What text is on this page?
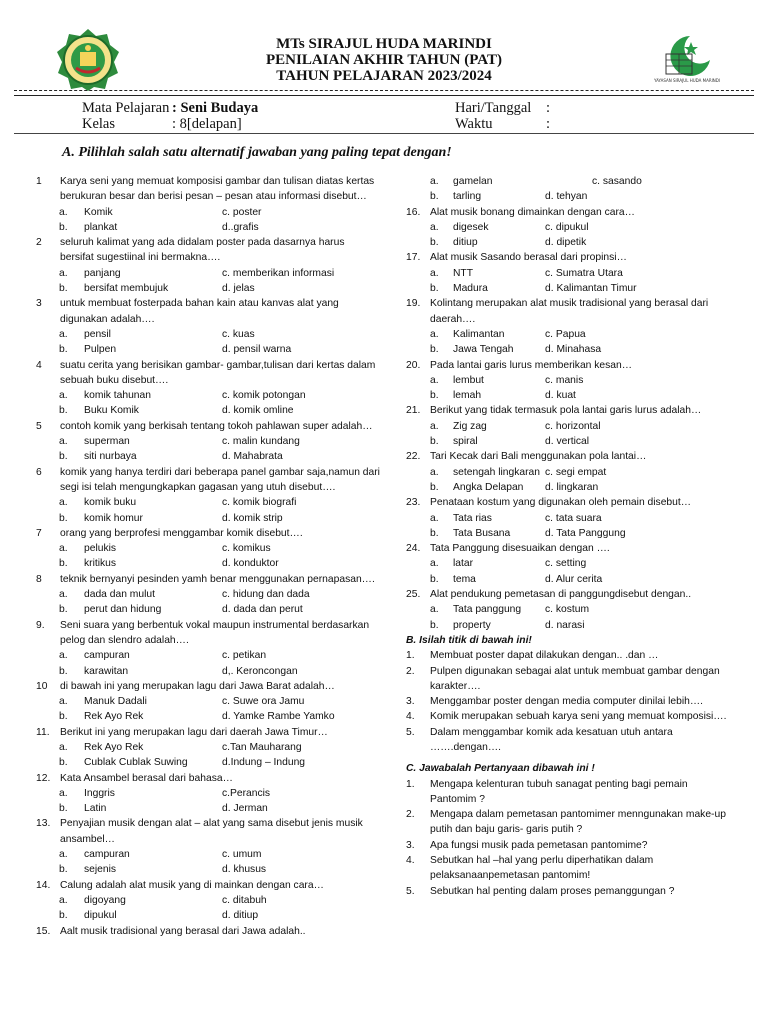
MTs SIRAJUL HUDA MARINDI
PENILAIAN AKHIR TAHUN (PAT)
TAHUN PELAJARAN 2023/2024	YAYASAN SIRAJUL HUDA MARINDI
Mata Pelajaran : Seni Budaya	Hari/Tanggal :
Kelas	: 8[delapan]	Waktu	:
A. Pilihlah salah satu alternatif jawaban yang paling tepat dengan!
1	Karya seni yang memuat komposisi gambar dan tulisan diatas kertas berukuran besar dan berisi pesan – pesan atau informasi disebut…
a. Komik	c. poster
b. plankat	d..grafis
2	seluruh kalimat yang ada didalam poster pada dasarnya harus bersifat sugestiinal ini bermakna….
a. panjang	c. memberikan informasi
b. bersifat membujuk	d. jelas
3	untuk membuat fosterpada bahan kain atau kanvas alat yang digunakan adalah….
a. pensil	c. kuas
b. Pulpen	d. pensil warna
4	suatu cerita yang berisikan gambar- gambar,tulisan dari kertas dalam sebuah buku disebut….
a. komik tahunan	c. komik potongan
b. Buku Komik	d. komik omline
5	contoh komik yang berkisah tentang tokoh pahlawan super adalah…
a. superman	c. malin kundang
b. siti nurbaya	d. Mahabrata
6	komik yang hanya terdiri dari beberapa panel gambar saja,namun dari segi isi telah mengungkapkan gagasan yang utuh disebut….
a. komik buku	c. komik biografi
b. komik homur	d. komik strip
7	orang yang berprofesi menggambar komik disebut….
a. pelukis	c. komikus
b. kritikus	d. konduktor
8	teknik bernyanyi pesinden yamh benar menggunakan pernapasan….
a. dada dan mulut	c. hidung dan dada
b. perut dan hidung	d. dada dan perut
9.	Seni suara yang berbentuk vokal maupun instrumental berdasarkan pelog dan slendro adalah….
a. campuran	c. petikan
b. karawitan	d,. Keroncongan
10	di bawah ini yang merupakan lagu dari Jawa Barat adalah…
a. Manuk Dadali	c. Suwe ora Jamu
b. Rek Ayo Rek	d. Yamke Rambe Yamko
11.	Berikut ini yang merupakan lagu dari daerah Jawa Timur…
a. Rek Ayo Rek	c.Tan Mauharang
b. Cublak Cublak Suwing	d.Indung – Indung
12. Kata Ansambel berasal dari bahasa…
a. Inggris	c.Perancis
b. Latin	d. Jerman
13. Penyajian musik dengan alat – alat yang sama disebut jenis musik ansambel…
a. campuran	c. umum
b. sejenis	d. khusus
14. Calung adalah alat musik yang di mainkan dengan cara…
a. digoyang	c. ditabuh
b. dipukul	d. ditiup
15. Aalt musik tradisional yang berasal dari Jawa adalah..
a. gamelan	c. sasando
b. tarling	d. tehyan
16. Alat musik bonang dimainkan dengan cara…
a. digesek	c. dipukul
b. ditiup	d. dipetik
17. Alat musik Sasando berasal dari propinsi…
a. NTT	c. Sumatra Utara
b. Madura	d. Kalimantan Timur
19. Kolintang merupakan alat musik tradisional yang berasal dari daerah….
a. Kalimantan	c. Papua
b. Jawa Tengah	d. Minahasa
20. Pada lantai garis lurus memberikan kesan…
a. lembut	c. manis
b. lemah	d. kuat
21. Berikut yang tidak termasuk pola lantai garis lurus adalah…
a. Zig zag	c. horizontal
b. spiral	d. vertical
22. Tari Kecak dari Bali menggunakan pola lantai…
a. setengah lingkaran c. segi empat
b. Angka Delapan d. lingkaran
23. Penataan kostum yang digunakan oleh pemain disebut…
a. Tata rias	c. tata suara
b. Tata Busana	d. Tata Panggung
24. Tata Panggung disesuaikan dengan ….
a. latar	c. setting
b. tema	d. Alur cerita
25. Alat pendukung pemetasan di panggungdisebut dengan..
a. Tata panggung c. kostum
b. property	d. narasi
B. Isilah titik di bawah ini!
1.	Membuat poster dapat dilakukan dengan.. .dan …
2.	Pulpen digunakan sebagai alat untuk membuat gambar dengan karakter….
3.	Menggambar poster dengan media computer dinilai lebih….
4.	Komik merupakan sebuah karya seni yang memuat komposisi….
5.	Dalam menggambar komik ada kesatuan utuh antara …….dengan….
C. Jawabalah Pertanyaan dibawah ini !
1.	Mengapa kelenturan tubuh sanagat penting bagi pemain Pantomim ?
2.	Mengapa dalam pemetasan pantomimer menngunakan make-up putih dan baju garis- garis putih ?
3.	Apa fungsi musik pada pemetasan pantomime?
4.	Sebutkan hal –hal yang perlu diperhatikan dalam pelaksanaanpemetasan pantomim!
5.	Sebutkan hal penting dalam proses pemanggungan ?
